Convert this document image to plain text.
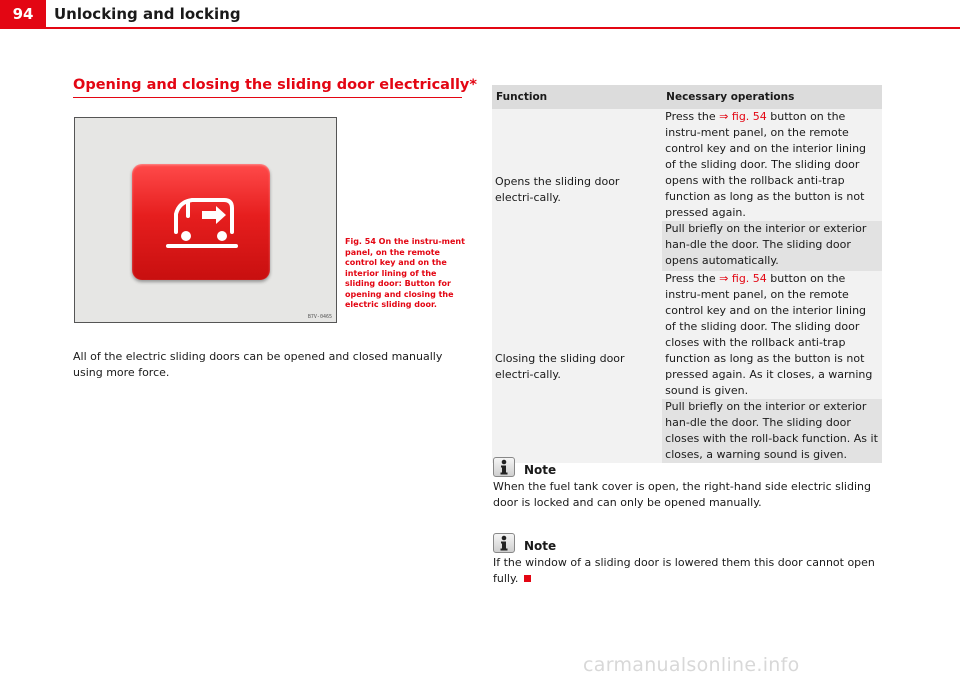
94	Unlocking and locking
Opening and closing the sliding door electrically*
B7V-0465
Fig. 54 On the instru-ment panel, on the remote control key and on the interior lining of the sliding door: Button for opening and closing the electric sliding door.
All of the electric sliding doors can be opened and closed manually using more force.
Function	Necessary operations
Opens the sliding door electri-cally.	Press the ⇒ fig. 54 button on the instru-ment panel, on the remote control key and on the interior lining of the sliding door. The sliding door opens with the rollback anti-trap function as long as the button is not pressed again.
	Pull briefly on the interior or exterior han-dle the door. The sliding door opens automatically.
Closing the sliding door electri-cally.	Press the ⇒ fig. 54 button on the instru-ment panel, on the remote control key and on the interior lining of the sliding door. The sliding door closes with the rollback anti-trap function as long as the button is not pressed again. As it closes, a warning sound is given.
	Pull briefly on the interior or exterior han-dle the door. The sliding door closes with the roll-back function. As it closes, a warning sound is given.
Note
When the fuel tank cover is open, the right-hand side electric sliding door is locked and can only be opened manually.
Note
If the window of a sliding door is lowered them this door cannot open fully.
carmanualsonline.info
